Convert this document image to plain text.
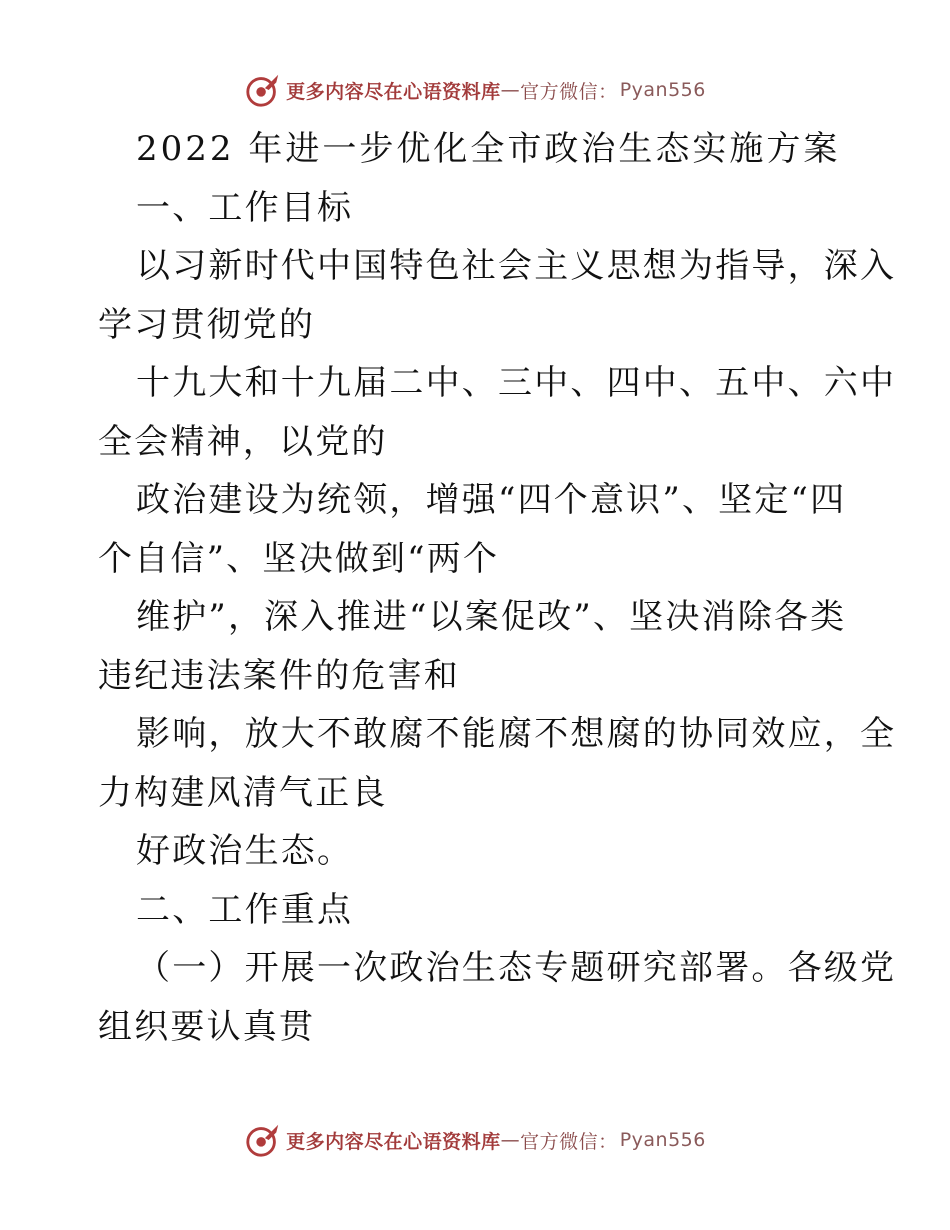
更多内容尽在心语资料库 — 官方微信： Pyan556
2022 年进一步优化全市政治生态实施方案
一、工作目标
以习新时代中国特色社会主义思想为指导，深入
学习贯彻党的
十九大和十九届二中、三中、四中、五中、六中
全会精神，以党的
政治建设为统领，增强“四个意识”、坚定“四
个自信”、坚决做到“两个
维护”，深入推进“以案促改”、坚决消除各类
违纪违法案件的危害和
影响，放大不敢腐不能腐不想腐的协同效应，全
力构建风清气正良
好政治生态。
二、工作重点
（一）开展一次政治生态专题研究部署。各级党
组织要认真贯
更多内容尽在心语资料库 — 官方微信： Pyan556
